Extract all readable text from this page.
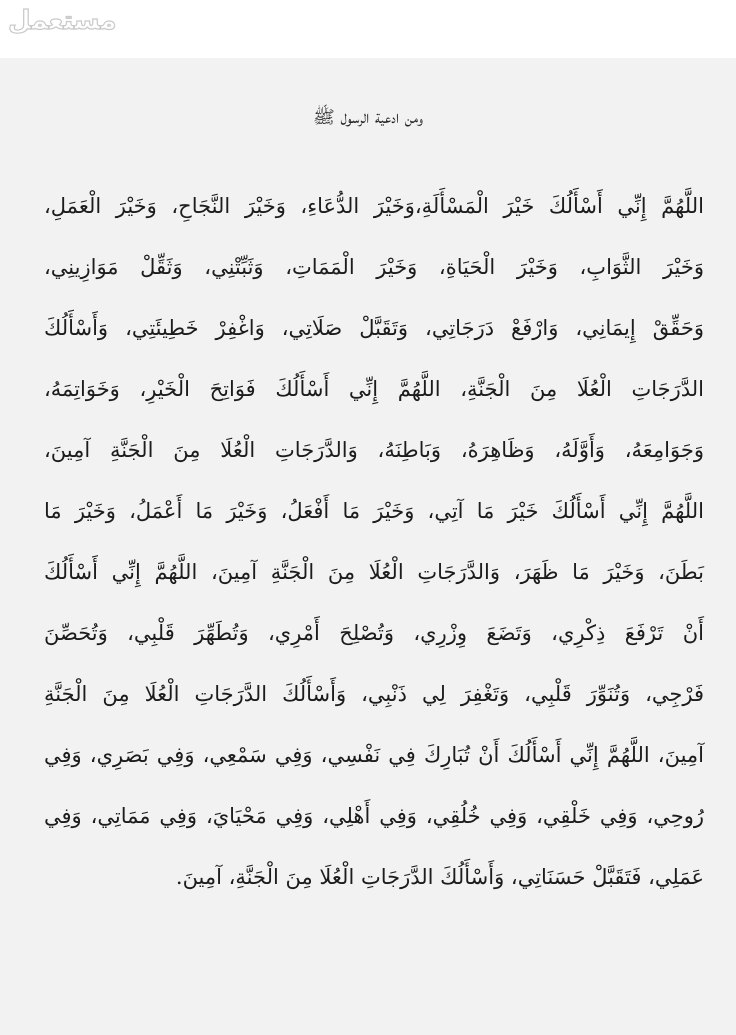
مستعمل
ومن ادعية الرسول ﷺ
اللَّهُمَّ إِنِّي أَسْأَلُكَ خَيْرَ الْمَسْأَلَةِ،وَخَيْرَ الدُّعَاءِ، وَخَيْرَ النَّجَاحِ، وَخَيْرَ الْعَمَلِ،
وَخَيْرَ الثَّوَابِ، وَخَيْرَ الْحَيَاةِ، وَخَيْرَ الْمَمَاتِ، وَثَبِّتْنِي، وَثَقِّلْ مَوَازِينِي،
وَحَقِّقْ إِيمَانِي، وَارْفَعْ دَرَجَاتِي، وَتَقَبَّلْ صَلَاتِي، وَاغْفِرْ خَطِيئَتِي، وَأَسْأَلُكَ
الدَّرَجَاتِ الْعُلَا مِنَ الْجَنَّةِ، اللَّهُمَّ إِنِّي أَسْأَلُكَ فَوَاتِحَ الْخَيْرِ، وَخَوَاتِمَهُ،
وَجَوَامِعَهُ، وَأَوَّلَهُ، وَظَاهِرَهُ، وَبَاطِنَهُ، وَالدَّرَجَاتِ الْعُلَا مِنَ الْجَنَّةِ آمِينَ،
اللَّهُمَّ إِنِّي أَسْأَلُكَ خَيْرَ مَا آتِي، وَخَيْرَ مَا أَفْعَلُ، وَخَيْرَ مَا أَعْمَلُ، وَخَيْرَ مَا
بَطَنَ، وَخَيْرَ مَا ظَهَرَ، وَالدَّرَجَاتِ الْعُلَا مِنَ الْجَنَّةِ آمِينَ، اللَّهُمَّ إِنِّي أَسْأَلُكَ
أَنْ تَرْفَعَ ذِكْرِي، وَتَضَعَ وِزْرِي، وَتُصْلِحَ أَمْرِي، وَتُطَهِّرَ قَلْبِي، وَتُحَصِّنَ
فَرْجِي، وَتُنَوِّرَ قَلْبِي، وَتَغْفِرَ لِي ذَنْبِي، وَأَسْأَلُكَ الدَّرَجَاتِ الْعُلَا مِنَ الْجَنَّةِ
آمِينَ، اللَّهُمَّ إِنِّي أَسْأَلُكَ أَنْ تُبَارِكَ فِي نَفْسِي، وَفِي سَمْعِي، وَفِي بَصَرِي، وَفِي
رُوحِي، وَفِي خَلْقِي، وَفِي خُلُقِي، وَفِي أَهْلِي، وَفِي مَحْيَايَ، وَفِي مَمَاتِي، وَفِي
عَمَلِي، فَتَقَبَّلْ حَسَنَاتِي، وَأَسْأَلُكَ الدَّرَجَاتِ الْعُلَا مِنَ الْجَنَّةِ، آمِينَ.
